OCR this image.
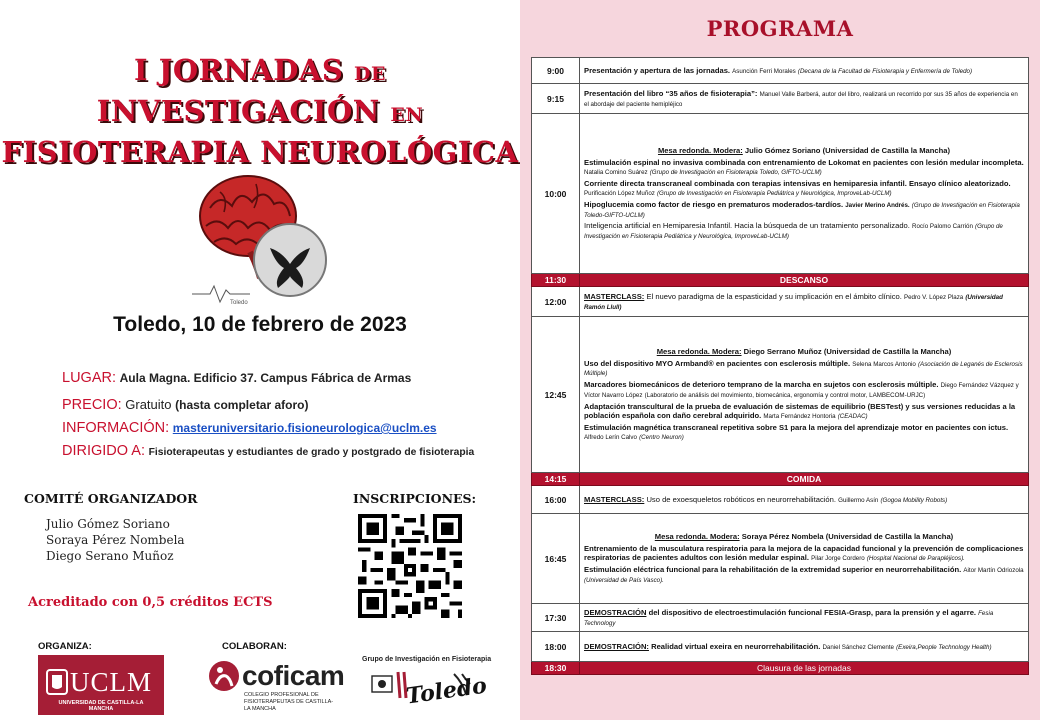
I JORNADAS DE
INVESTIGACIÓN EN
FISIOTERAPIA NEUROLÓGICA
Toledo
Toledo, 10 de febrero de 2023
LUGAR: Aula Magna. Edificio 37. Campus Fábrica de Armas
PRECIO: Gratuito (hasta completar aforo)
INFORMACIÓN: masteruniversitario.fisioneurologica@uclm.es
DIRIGIDO A: Fisioterapeutas y estudiantes de grado y postgrado de fisioterapia
COMITÉ ORGANIZADOR
Julio Gómez Soriano
Soraya Pérez Nombela
Diego Serano Muñoz
INSCRIPCIONES:
Acreditado con 0,5 créditos ECTS
ORGANIZA:
UCLM
UNIVERSIDAD DE CASTILLA-LA MANCHA
COLABORAN:
coficam
COLEGIO PROFESIONAL DE FISIOTERAPEUTAS DE CASTILLA-LA MANCHA
Grupo de Investigación en Fisioterapia
Toledo
PROGRAMA
9:00	Presentación y apertura de las jornadas. Asunción Ferri Morales (Decana de la Facultad de Fisioterapia y Enfermería de Toledo)
9:15	Presentación del libro “35 años de fisioterapia”: Manuel Valle Barberá, autor del libro, realizará un recorrido por sus 35 años de experiencia en el abordaje del paciente hemipléjico
10:00	Mesa redonda. Modera: Julio Gómez Soriano (Universidad de Castilla la Mancha)
Estimulación espinal no invasiva combinada con entrenamiento de Lokomat en pacientes con lesión medular incompleta. Natalia Comino Suárez (Grupo de Investigación en Fisioterapia Toledo, GIFTO-UCLM)
Corriente directa transcraneal combinada con terapias intensivas en hemiparesia infantil. Ensayo clínico aleatorizado. Purificación López Muñoz (Grupo de Investigación en Fisioterapia Pediátrica y Neurológica, ImproveLab-UCLM)
Hipoglucemia como factor de riesgo en prematuros moderados-tardíos. Javier Merino Andrés. (Grupo de Investigación en Fisioterapia Toledo-GIFTO-UCLM)
Inteligencia artificial en Hemiparesia Infantil. Hacia la búsqueda de un tratamiento personalizado. Rocío Palomo Carrión (Grupo de Investigación en Fisioterapia Pediátrica y Neurológica, ImproveLab-UCLM)

11:30	DESCANSO
12:00	MASTERCLASS: El nuevo paradigma de la espasticidad y su implicación en el ámbito clínico. Pedro V. López Plaza (Universidad Ramón Llull)
12:45	Mesa redonda. Modera: Diego Serrano Muñoz (Universidad de Castilla la Mancha)
Uso del dispositivo MYO Armband® en pacientes con esclerosis múltiple. Selena Marcos Antonio (Asociación de Leganés de Esclerosis Múltiple)
Marcadores biomecánicos de deterioro temprano de la marcha en sujetos con esclerosis múltiple. Diego Fernández Vázquez y Víctor Navarro López (Laboratorio de análisis del movimiento, biomecánica, ergonomía y control motor, LAMBECOM-URJC)
Adaptación transcultural de la prueba de evaluación de sistemas de equilibrio (BESTest) y sus versiones reducidas a la población española con daño cerebral adquirido. Marta Fernández Hontoria (CEADAC)
Estimulación magnética transcraneal repetitiva sobre S1 para la mejora del aprendizaje motor en pacientes con ictus. Alfredo Lerín Calvo (Centro Neuron)

14:15	COMIDA
16:00	MASTERCLASS: Uso de exoesqueletos robóticos en neurorrehabilitación. Guillermo Asín (Gogoa Mobility Robots)
16:45	Mesa redonda. Modera: Soraya Pérez Nombela (Universidad de Castilla la Mancha)
Entrenamiento de la musculatura respiratoria para la mejora de la capacidad funcional y la prevención de complicaciones respiratorias de pacientes adultos con lesión medular espinal. Pilar Jorge Cordero (Hospital Nacional de Parapléjicos).
Estimulación eléctrica funcional para la rehabilitación de la extremidad superior en neurorrehabilitación. Aitor Martín Odriozola (Universidad de País Vasco).

17:30	DEMOSTRACIÓN del dispositivo de electroestimulación funcional FESIA-Grasp, para la prensión y el agarre. Fesia Technology
18:00	DEMOSTRACIÓN: Realidad virtual exeira en neurorrehabilitación. Daniel Sánchez Clemente (Exeira,People Technology Health)
18:30	Clausura de las jornadas
